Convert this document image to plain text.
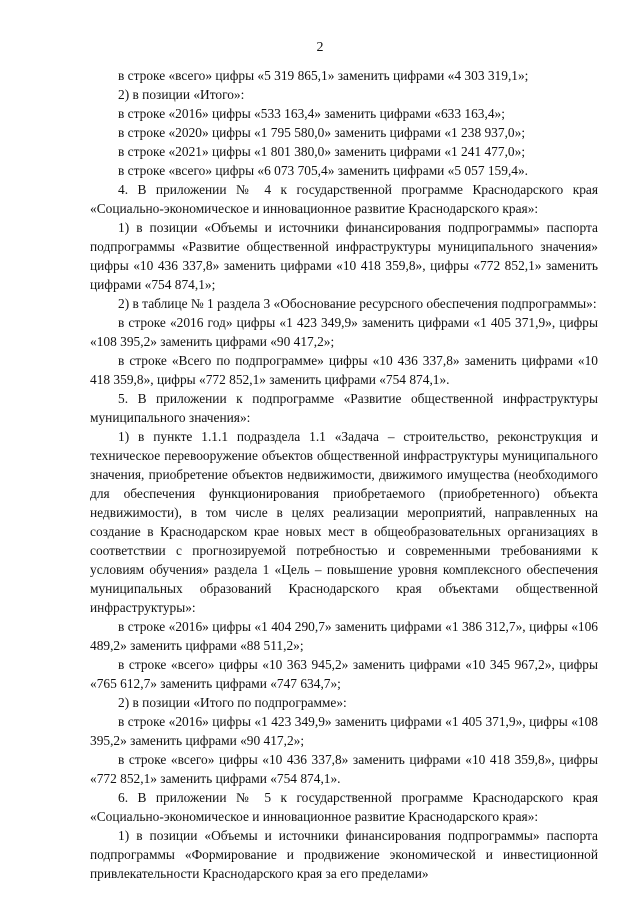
2

в строке «всего» цифры «5 319 865,1» заменить цифрами «4 303 319,1»;

2) в позиции «Итого»:

в строке «2016» цифры «533 163,4» заменить цифрами «633 163,4»;

в строке «2020» цифры «1 795 580,0» заменить цифрами «1 238 937,0»;

в строке «2021» цифры «1 801 380,0» заменить цифрами «1 241 477,0»;

в строке «всего» цифры «6 073 705,4» заменить цифрами «5 057 159,4».

4. В приложении № 4 к государственной программе Краснодарского края «Социально-экономическое и инновационное развитие Краснодарского края»:

1) в позиции «Объемы и источники финансирования подпрограммы» паспорта подпрограммы «Развитие общественной инфраструктуры муниципального значения» цифры «10 436 337,8» заменить цифрами «10 418 359,8», цифры «772 852,1» заменить цифрами «754 874,1»;

2) в таблице № 1 раздела 3 «Обоснование ресурсного обеспечения подпрограммы»:

в строке «2016 год» цифры «1 423 349,9» заменить цифрами «1 405 371,9», цифры «108 395,2» заменить цифрами «90 417,2»;

в строке «Всего по подпрограмме» цифры «10 436 337,8» заменить цифрами «10 418 359,8», цифры «772 852,1» заменить цифрами «754 874,1».

5. В приложении к подпрограмме «Развитие общественной инфраструктуры муниципального значения»:

1) в пункте 1.1.1 подраздела 1.1 «Задача – строительство, реконструкция и техническое перевооружение объектов общественной инфраструктуры муниципального значения, приобретение объектов недвижимости, движимого имущества (необходимого для обеспечения функционирования приобретаемого (приобретенного) объекта недвижимости), в том числе в целях реализации мероприятий, направленных на создание в Краснодарском крае новых мест в общеобразовательных организациях в соответствии с прогнозируемой потребностью и современными требованиями к условиям обучения» раздела 1 «Цель – повышение уровня комплексного обеспечения муниципальных образований Краснодарского края объектами общественной инфраструктуры»:

в строке «2016» цифры «1 404 290,7» заменить цифрами «1 386 312,7», цифры «106 489,2» заменить цифрами «88 511,2»;

в строке «всего» цифры «10 363 945,2» заменить цифрами «10 345 967,2», цифры «765 612,7» заменить цифрами «747 634,7»;

2) в позиции «Итого по подпрограмме»:

в строке «2016» цифры «1 423 349,9» заменить цифрами «1 405 371,9», цифры «108 395,2» заменить цифрами «90 417,2»;

в строке «всего» цифры «10 436 337,8» заменить цифрами «10 418 359,8», цифры «772 852,1» заменить цифрами «754 874,1».

6. В приложении № 5 к государственной программе Краснодарского края «Социально-экономическое и инновационное развитие Краснодарского края»:

1) в позиции «Объемы и источники финансирования подпрограммы» паспорта подпрограммы «Формирование и продвижение экономической и инвестиционной привлекательности Краснодарского края за его пределами»
